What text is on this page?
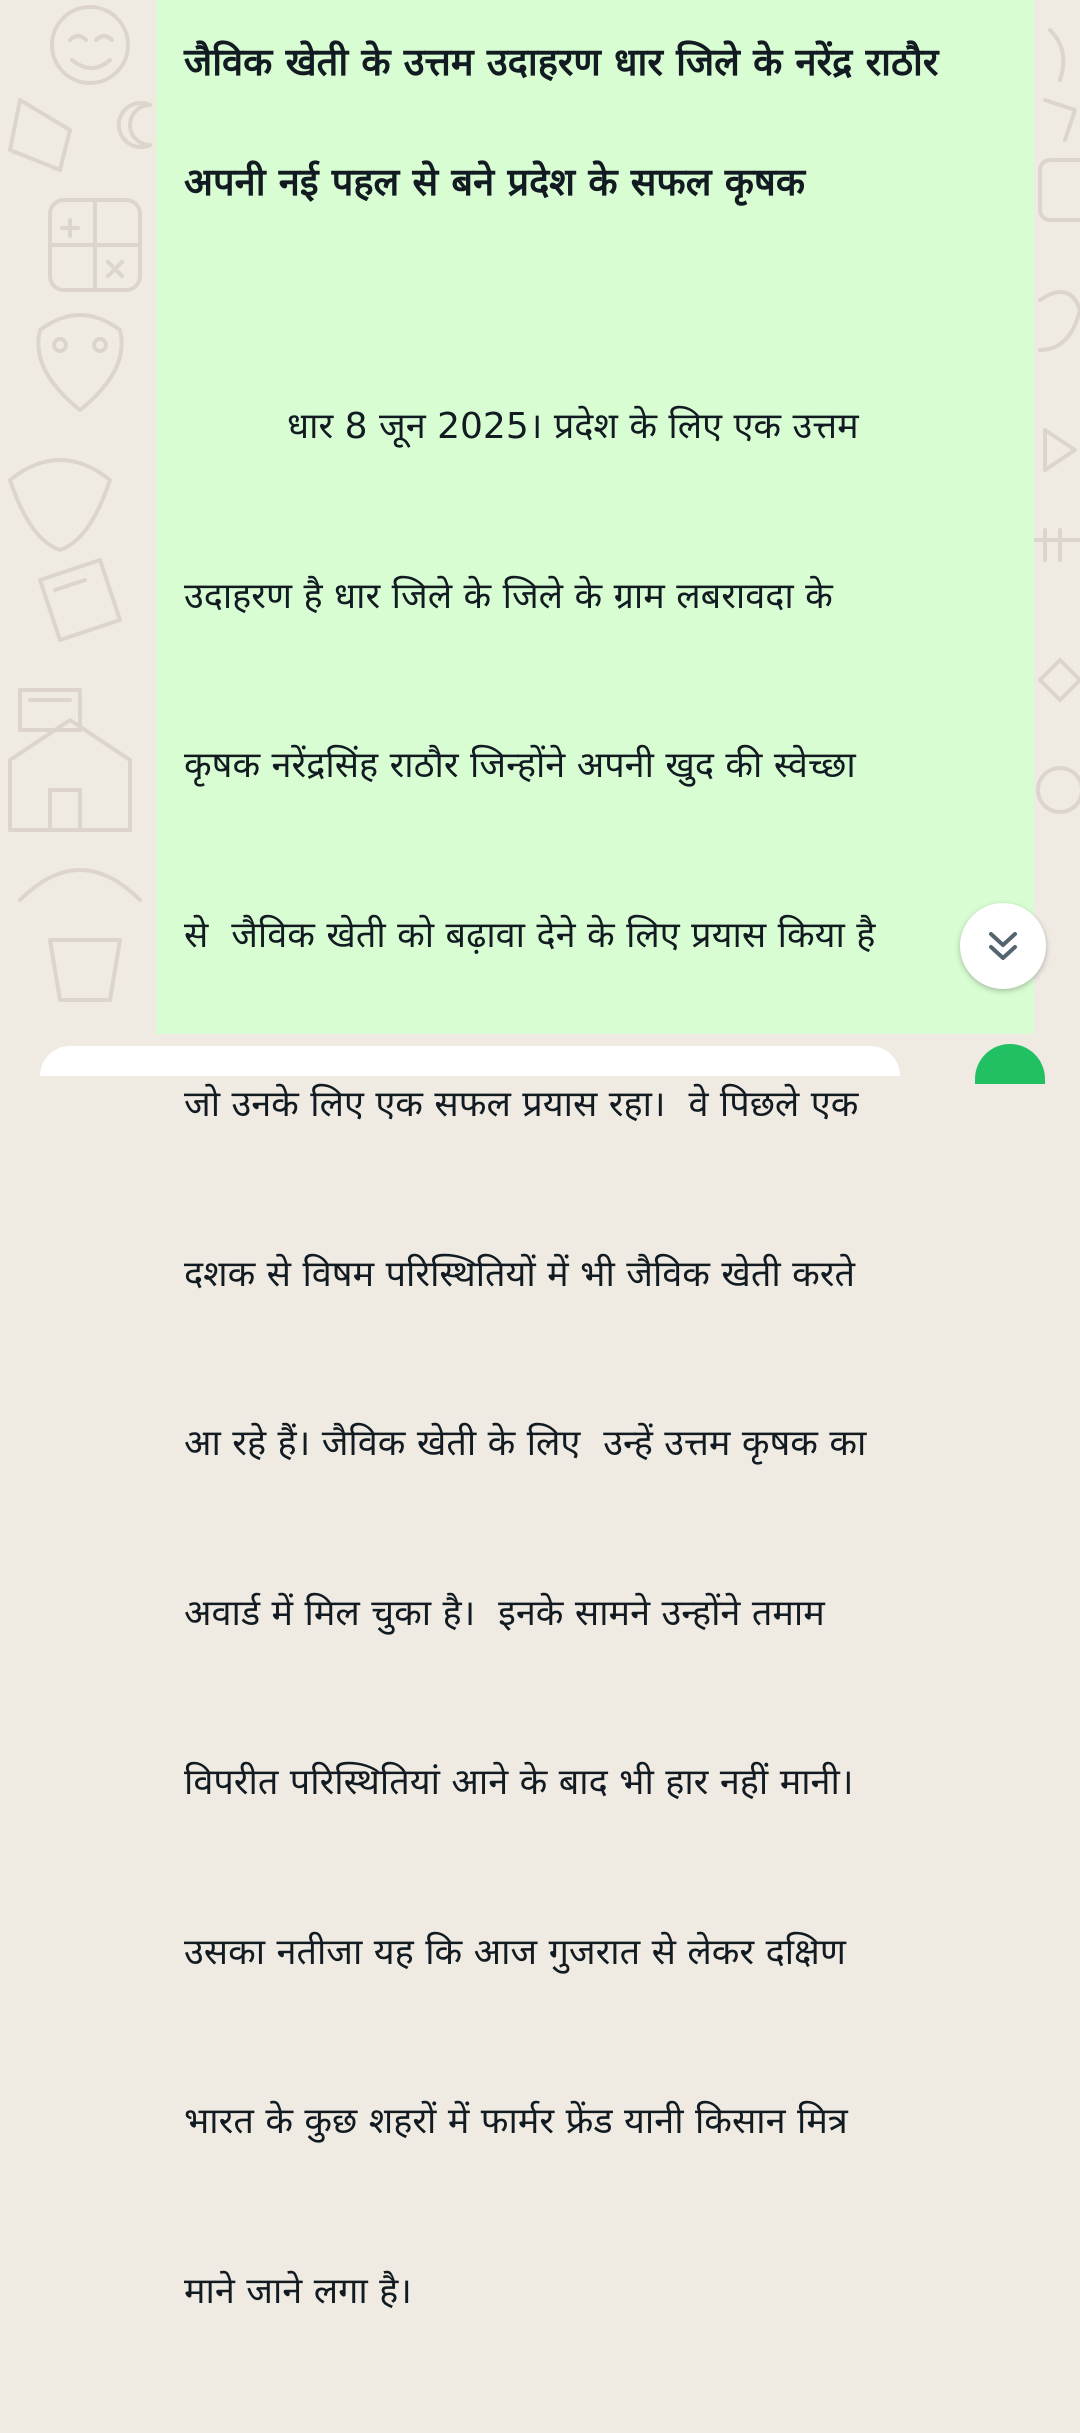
जैविक खेती के उत्तम उदाहरण धार जिले के नरेंद्र राठौर
अपनी नई पहल से बने प्रदेश के सफल कृषक

धार 8 जून 2025। प्रदेश के लिए एक उत्तम

उदाहरण है धार जिले के जिले के ग्राम लबरावदा के

कृषक नरेंद्रसिंह राठौर जिन्होंने अपनी खुद की स्वेच्छा

से  जैविक खेती को बढ़ावा देने के लिए प्रयास किया है

जो उनके लिए एक सफल प्रयास रहा।  वे पिछले एक

दशक से विषम परिस्थितियों में भी जैविक खेती करते

आ रहे हैं। जैविक खेती के लिए  उन्हें उत्तम कृषक का

अवार्ड में मिल चुका है।  इनके सामने उन्होंने तमाम

विपरीत परिस्थितियां आने के बाद भी हार नहीं मानी।

उसका नतीजा यह कि आज गुजरात से लेकर दक्षिण

भारत के कुछ शहरों में फार्मर फ्रेंड यानी किसान मित्र

माने जाने लगा है।
